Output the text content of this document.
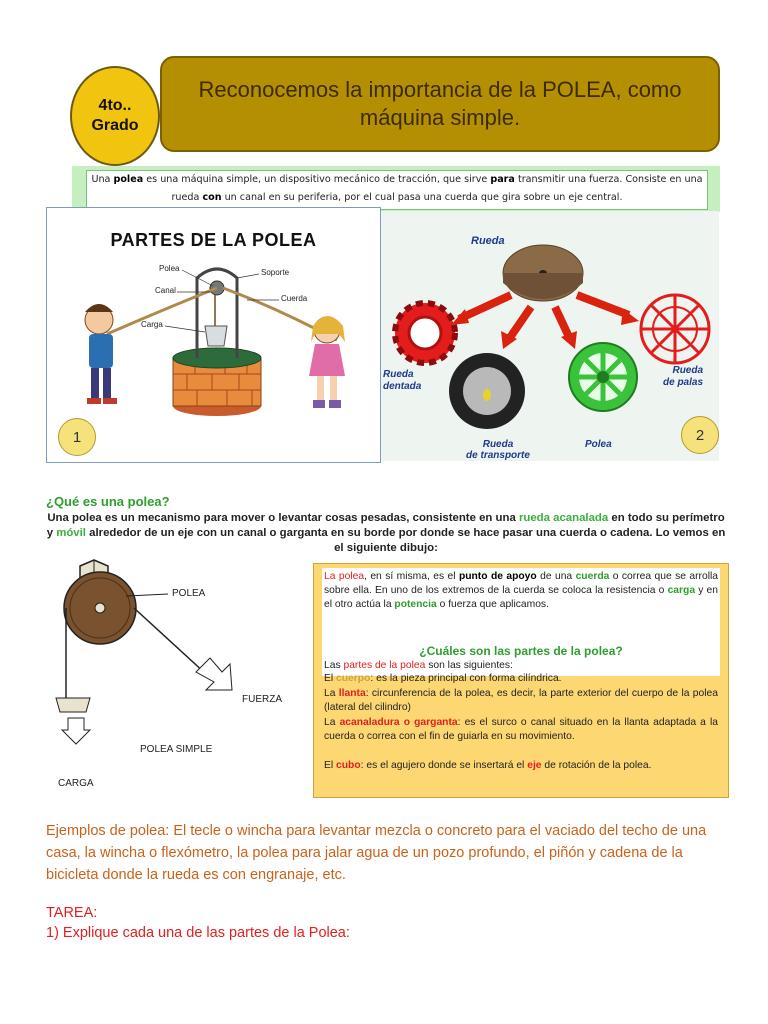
4to..
Grado
Reconocemos la importancia de la POLEA, como máquina simple.
Una polea es una máquina simple, un dispositivo mecánico de tracción, que sirve para transmitir una fuerza. Consiste en una rueda con un canal en su periferia, por el cual pasa una cuerda que gira sobre un eje central.
PARTES DE LA POLEA
Polea	Soporte
Canal
Cuerda
Carga
1
Rueda
Rueda
dentada
Rueda
de palas
Rueda
de transporte
Polea
2
¿Qué es una polea?
Una polea es un mecanismo para mover o levantar cosas pesadas, consistente en una rueda acanalada en todo su perímetro y móvil alrededor de un eje con un canal o garganta en su borde por donde se hace pasar una cuerda o cadena. Lo vemos en el siguiente dibujo:
POLEA
FUERZA
POLEA SIMPLE
CARGA
La polea, en sí misma, es el punto de apoyo de una cuerda o correa que se arrolla sobre ella. En uno de los extremos de la cuerda se coloca la resistencia o carga y en el otro actúa la potencia o fuerza que aplicamos.
¿Cuáles son las partes de la polea?
Las partes de la polea son las siguientes:
El cuerpo: es la pieza principal con forma cilíndrica.
La llanta: circunferencia de la polea, es decir, la parte exterior del cuerpo de la polea (lateral del cilindro)
La acanaladura o garganta: es el surco o canal situado en la llanta adaptada a la cuerda o correa con el fin de guiarla en su movimiento.
El cubo: es el agujero donde se insertará el eje de rotación de la polea.
Ejemplos de polea: El tecle o wincha para levantar mezcla o concreto para el vaciado del techo de una casa, la wincha o flexómetro, la polea para jalar agua de un pozo profundo, el piñón y cadena de la bicicleta donde la rueda es con engranaje, etc.
TAREA:
1) Explique cada una de las partes de la Polea:
